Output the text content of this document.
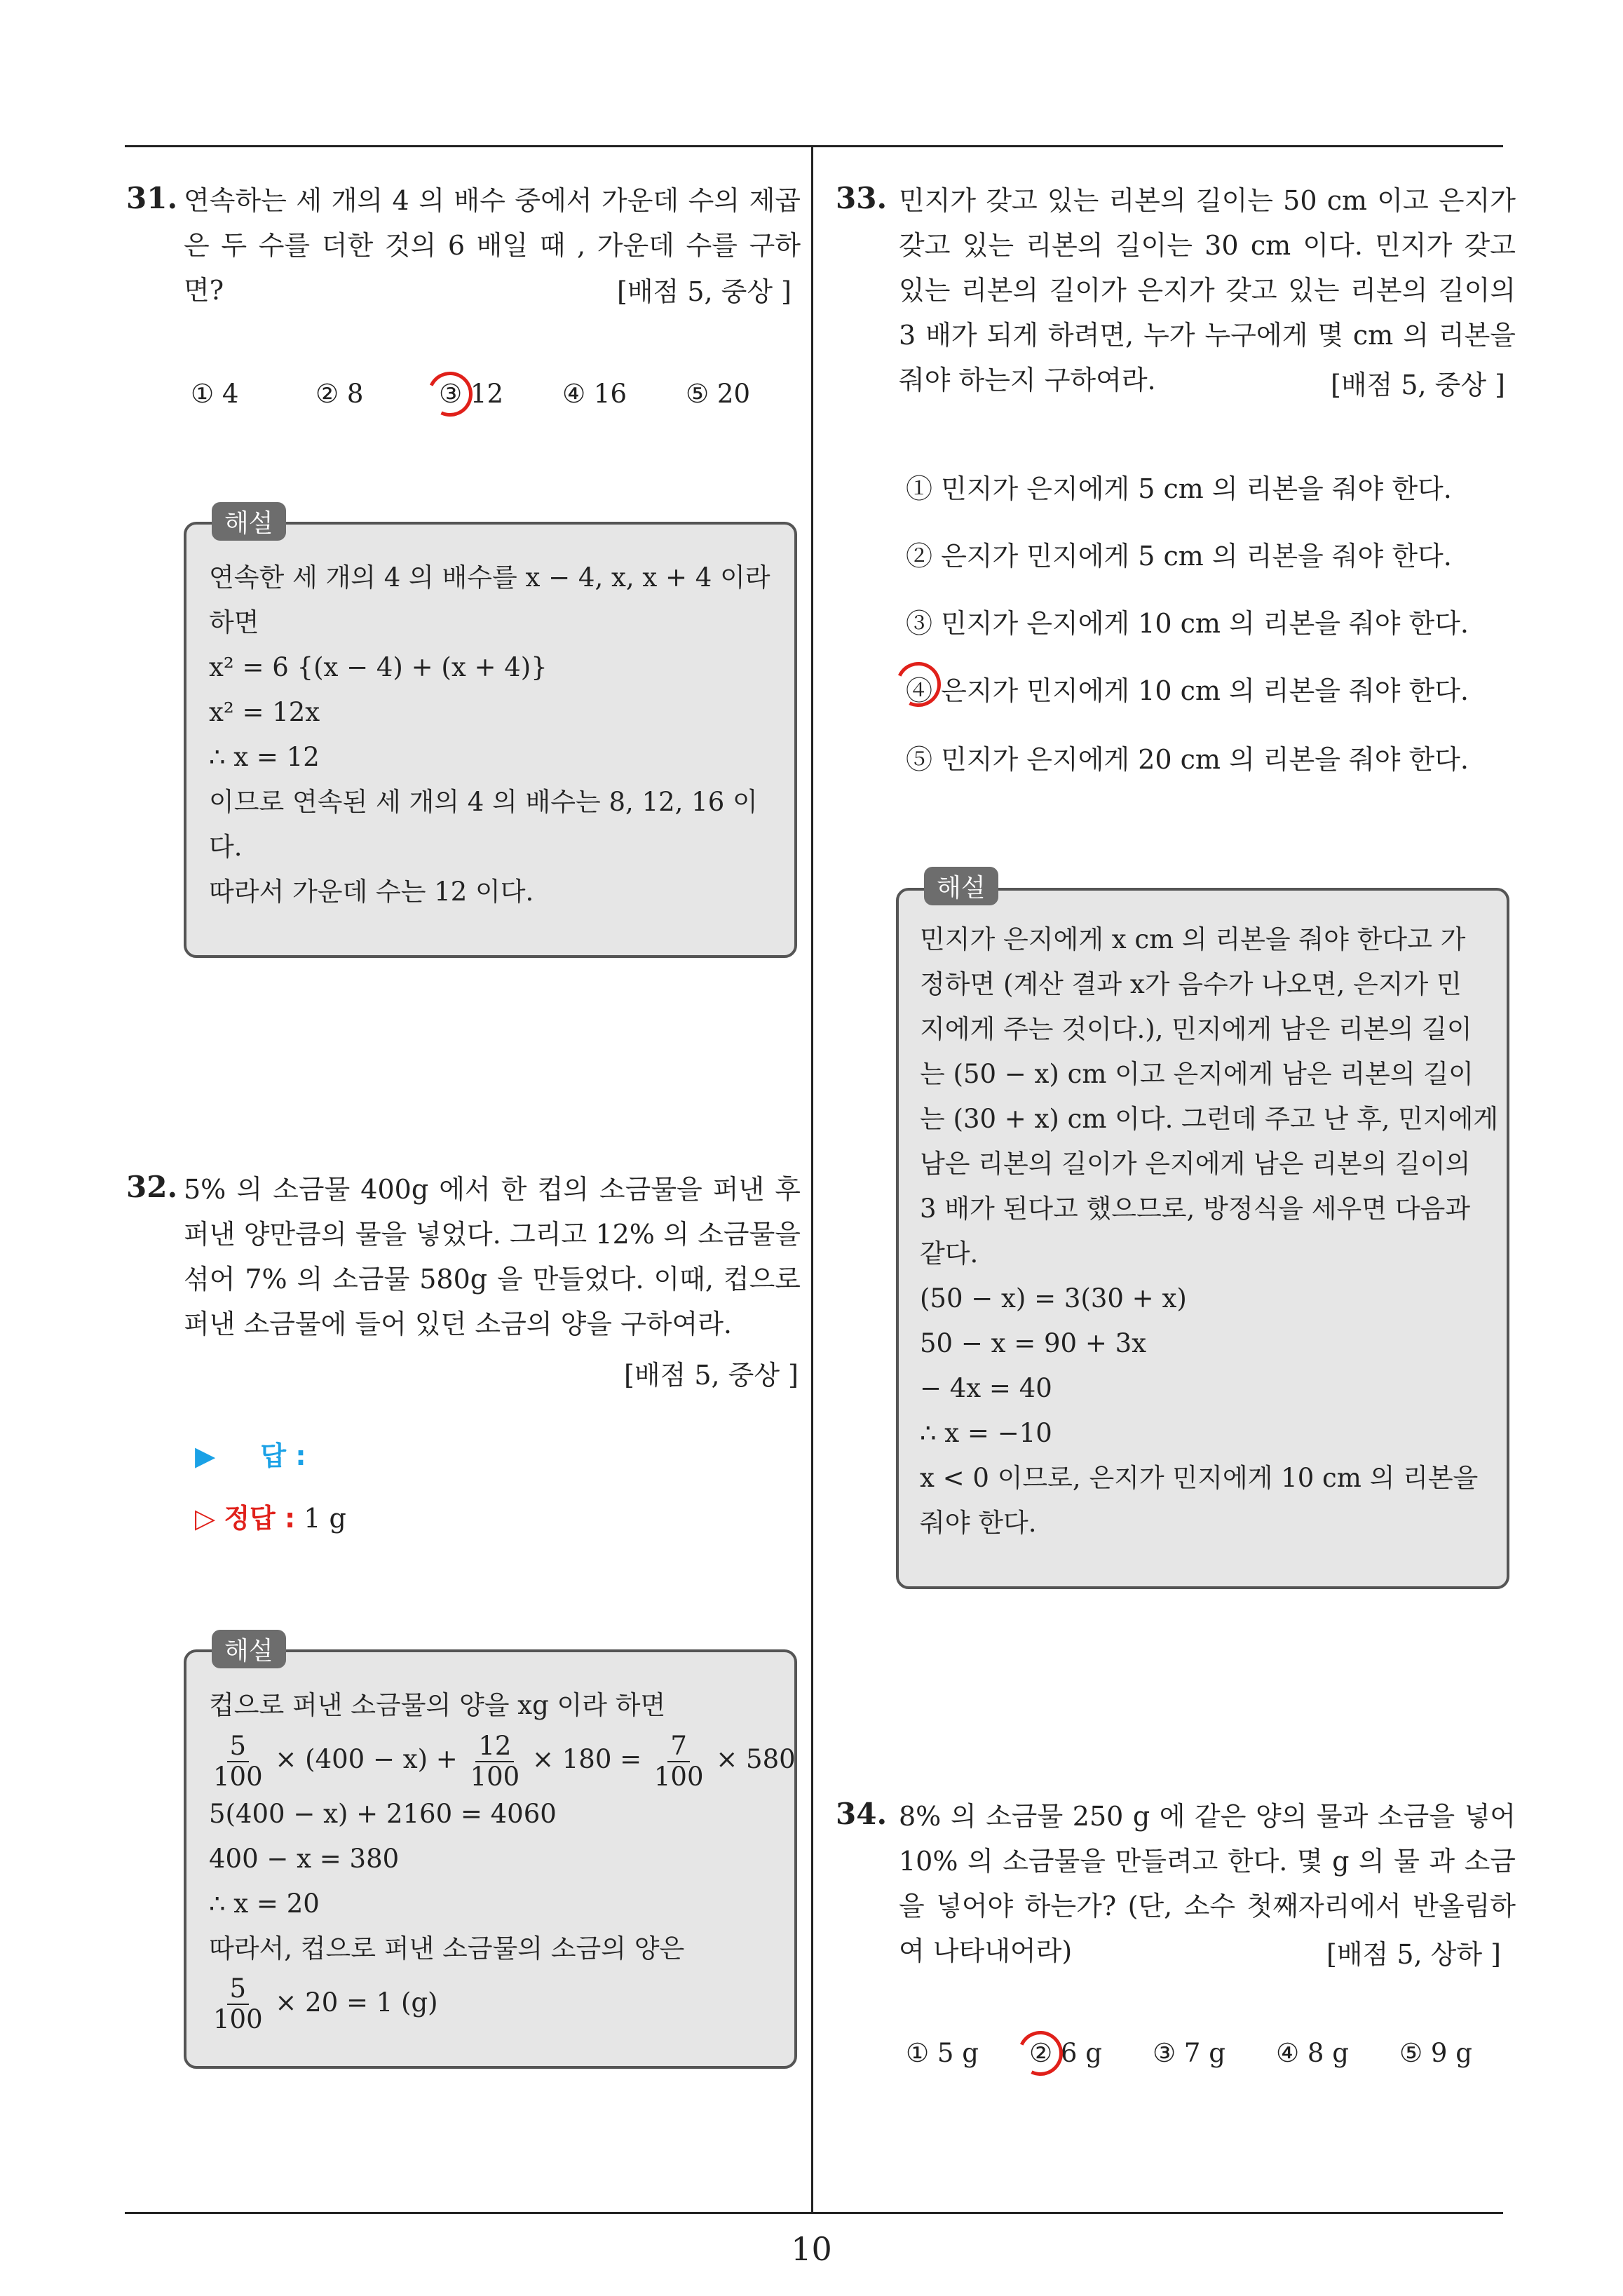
10
31. 연속하는 세 개의 4 의 배수 중에서 가운데 수의 제곱은 두 수를 더한 것의 6 배일 때 , 가운데 수를 구하면?	[배점 5, 중상 ]
① 4	② 8	③ 12	④ 16	⑤ 20
해설
연속한 세 개의 4 의 배수를 x − 4, x, x + 4 이라
하면
x² = 6 {(x − 4) + (x + 4)}
x² = 12x
∴ x = 12
이므로 연속된 세 개의 4 의 배수는 8, 12, 16 이
다.
따라서 가운데 수는 12 이다.
32. 5% 의 소금물 400g 에서 한 컵의 소금물을 퍼낸 후 퍼낸 양만큼의 물을 넣었다. 그리고 12% 의 소금물을 섞어 7% 의 소금물 580g 을 만들었다. 이때, 컵으로 퍼낸 소금물에 들어 있던 소금의 양을 구하여라.
[배점 5, 중상 ]
▶ 답 :
▷ 정답 : 1 g
해설
컵으로 퍼낸 소금물의 양을 xg 이라 하면
$\frac{5}{100} \times (400 - x) + \frac{12}{100} \times 180 = \frac{7}{100} \times 580$
5(400 − x) + 2160 = 4060
400 − x = 380
∴ x = 20
따라서, 컵으로 퍼낸 소금물의 소금의 양은
$\frac{5}{100} \times 20 = 1$ (g)
33. 민지가 갖고 있는 리본의 길이는 50 cm 이고 은지가 갖고 있는 리본의 길이는 30 cm 이다. 민지가 갖고 있는 리본의 길이가 은지가 갖고 있는 리본의 길이의 3 배가 되게 하려면, 누가 누구에게 몇 cm 의 리본을 줘야 하는지 구하여라.	[배점 5, 중상 ]
① 민지가 은지에게 5 cm 의 리본을 줘야 한다.
② 은지가 민지에게 5 cm 의 리본을 줘야 한다.
③ 민지가 은지에게 10 cm 의 리본을 줘야 한다.
④ 은지가 민지에게 10 cm 의 리본을 줘야 한다.
⑤ 민지가 은지에게 20 cm 의 리본을 줘야 한다.
해설
민지가 은지에게 x cm 의 리본을 줘야 한다고 가
정하면 (계산 결과 x가 음수가 나오면, 은지가 민
지에게 주는 것이다.), 민지에게 남은 리본의 길이
는 (50 − x) cm 이고 은지에게 남은 리본의 길이
는 (30 + x) cm 이다. 그런데 주고 난 후, 민지에게
남은 리본의 길이가 은지에게 남은 리본의 길이의
3 배가 된다고 했으므로, 방정식을 세우면 다음과
같다.
(50 − x) = 3(30 + x)
50 − x = 90 + 3x
− 4x = 40
∴ x = −10
x < 0 이므로, 은지가 민지에게 10 cm 의 리본을
줘야 한다.
34. 8% 의 소금물 250 g 에 같은 양의 물과 소금을 넣어 10% 의 소금물을 만들려고 한다. 몇 g 의 물 과 소금을 넣어야 하는가? (단, 소수 첫째자리에서 반올림하여 나타내어라)	[배점 5, 상하 ]
① 5 g	② 6 g	③ 7 g	④ 8 g	⑤ 9 g
